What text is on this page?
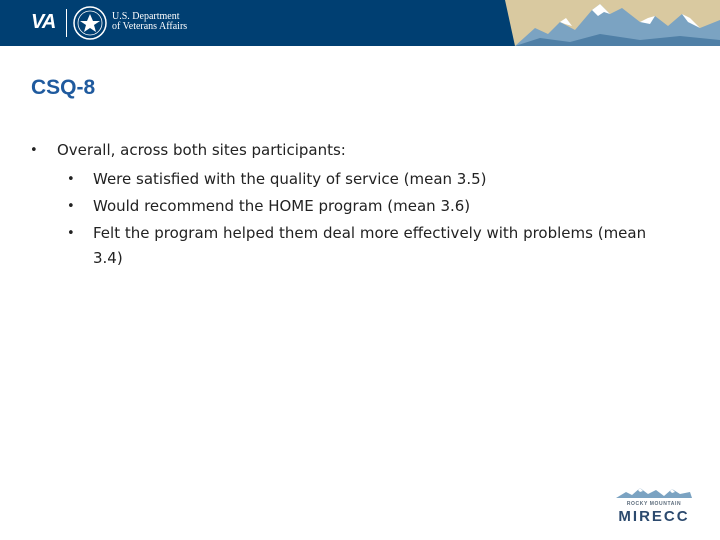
VA	U.S. Department
of Veterans Affairs
CSQ-8
• Overall, across both sites participants:
• Were satisfied with the quality of service (mean 3.5)
• Would recommend the HOME program (mean 3.6)
• Felt the program helped them deal more effectively with problems (mean 3.4)
ROCKY MOUNTAIN
MIRECC
